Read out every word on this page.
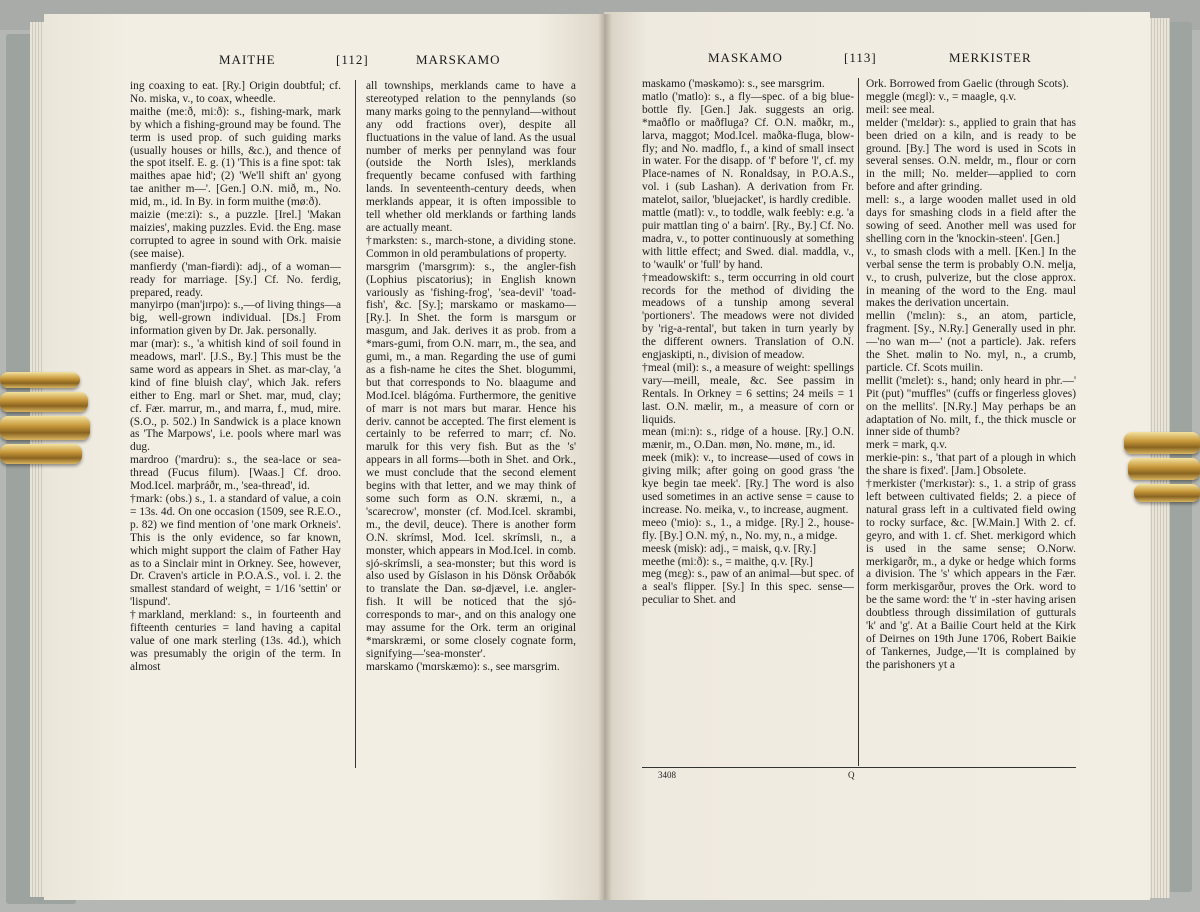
MAITHE	[112]	MARSKAMO

ing coaxing to eat. [Ry.] Origin doubtful; cf. No. miska, v., to coax, wheedle.

maithe (meːð, miːð): s., fishing-mark, mark by which a fishing-ground may be found. The term is used prop. of such guiding marks (usually houses or hills, &c.), and thence of the spot itself. E. g. (1) 'This is a fine spot: tak maithes apae hid'; (2) 'We'll shift an' gyong tae anither m—'. [Gen.] O.N. mið, m., No. mid, m., id. In By. in form muithe (møːð).

maizie (meːzi): s., a puzzle. [Irel.] 'Makan maizies', making puzzles. Evid. the Eng. mase corrupted to agree in sound with Ork. maisie (see maise).

manfierdy ('man-fiərdi): adj., of a woman—ready for marriage. [Sy.] Cf. No. ferdig, prepared, ready.

manyirpo (man'jɪrpo): s.,—of living things—a big, well-grown individual. [Ds.] From information given by Dr. Jak. personally.

mar (mar): s., 'a whitish kind of soil found in meadows, marl'. [J.S., By.] This must be the same word as appears in Shet. as mar-clay, 'a kind of fine bluish clay', which Jak. refers either to Eng. marl or Shet. mar, mud, clay; cf. Fær. marrur, m., and marra, f., mud, mire. (S.O., p. 502.) In Sandwick is a place known as 'The Marpows', i.e. pools where marl was dug.

mardroo ('mardru): s., the sea-lace or sea-thread (Fucus filum). [Waas.] Cf. droo. Mod.Icel. marþráðr, m., 'sea-thread', id.

†mark: (obs.) s., 1. a standard of value, a coin = 13s. 4d. On one occasion (1509, see R.E.O., p. 82) we find mention of 'one mark Orkneis'. This is the only evidence, so far known, which might support the claim of Father Hay as to a Sinclair mint in Orkney. See, however, Dr. Craven's article in P.O.A.S., vol. i. 2. the smallest standard of weight, = 1/16 'settin' or 'lispund'.

†markland, merkland: s., in fourteenth and fifteenth centuries = land having a capital value of one mark sterling (13s. 4d.), which was presumably the origin of the term. In almost

all townships, merklands came to have a stereotyped relation to the pennylands (so many marks going to the pennyland—without any odd fractions over), despite all fluctuations in the value of land. As the usual number of merks per pennyland was four (outside the North Isles), merklands frequently became confused with farthing lands. In seventeenth-century deeds, when merklands appear, it is often impossible to tell whether old merklands or farthing lands are actually meant.

†marksten: s., march-stone, a dividing stone. Common in old perambulations of property.

marsgrim ('marsgrɪm): s., the angler-fish (Lophius piscatorius); in English known variously as 'fishing-frog', 'sea-devil' 'toad-fish', &c. [Sy.]; marskamo or maskamo—[Ry.]. In Shet. the form is marsgum or masgum, and Jak. derives it as prob. from a *mars-gumi, from O.N. marr, m., the sea, and gumi, m., a man. Regarding the use of gumi as a fish-name he cites the Shet. blogummi, but that corresponds to No. blaagume and Mod.Icel. blágóma. Furthermore, the genitive of marr is not mars but marar. Hence his deriv. cannot be accepted. The first element is certainly to be referred to marr; cf. No. marulk for this very fish. But as the 's' appears in all forms—both in Shet. and Ork., we must conclude that the second element begins with that letter, and we may think of some such form as O.N. skræmi, n., a 'scarecrow', monster (cf. Mod.Icel. skrambi, m., the devil, deuce). There is another form O.N. skrímsl, Mod. Icel. skrímsli, n., a monster, which appears in Mod.Icel. in comb. sjó-skrímsli, a sea-monster; but this word is also used by Gíslason in his Dönsk Orðabók to translate the Dan. sø-djævel, i.e. angler-fish. It will be noticed that the sjó- corresponds to mar-, and on this analogy one may assume for the Ork. term an original *marskræmi, or some closely cognate form, signifying—'sea-monster'.

marskamo ('mɑrskæmo): s., see marsgrim.

MASKAMO	[113]	MERKISTER

maskamo ('məskəmo): s., see marsgrim.

matlo ('matlo): s., a fly—spec. of a big blue-bottle fly. [Gen.] Jak. suggests an orig. *maðflo or maðfluga? Cf. O.N. maðkr, m., larva, maggot; Mod.Icel. maðka-fluga, blow-fly; and No. madflo, f., a kind of small insect in water. For the disapp. of 'f' before 'l', cf. my Place-names of N. Ronaldsay, in P.O.A.S., vol. i (sub Lashan). A derivation from Fr. matelot, sailor, 'bluejacket', is hardly credible.

mattle (matl): v., to toddle, walk feebly: e.g. 'a puir mattlan ting o' a bairn'. [Ry., By.] Cf. No. madra, v., to potter continuously at something with little effect; and Swed. dial. maddla, v., to 'waulk' or 'full' by hand.

†meadowskift: s., term occurring in old court records for the method of dividing the meadows of a tunship among several 'portioners'. The meadows were not divided by 'rig-a-rental', but taken in turn yearly by the different owners. Translation of O.N. engjaskipti, n., division of meadow.

†meal (mil): s., a measure of weight: spellings vary—meill, meale, &c. See passim in Rentals. In Orkney = 6 settins; 24 meils = 1 last. O.N. mælir, m., a measure of corn or liquids.

mean (miːn): s., ridge of a house. [Ry.] O.N. mænir, m., O.Dan. møn, No. møne, m., id.

meek (mik): v., to increase—used of cows in giving milk; after going on good grass 'the kye begin tae meek'. [Ry.] The word is also used sometimes in an active sense = cause to increase. No. meika, v., to increase, augment.

meeo ('mio): s., 1., a midge. [Ry.] 2., house-fly. [By.] O.N. mý, n., No. my, n., a midge.

meesk (misk): adj., = maisk, q.v. [Ry.]

meethe (miːð): s., = maithe, q.v. [Ry.]

meg (mɛg): s., paw of an animal—but spec. of a seal's flipper. [Sy.] In this spec. sense—peculiar to Shet. and

Ork. Borrowed from Gaelic (through Scots).

meggle (mɛgl): v., = maagle, q.v.

meil: see meal.

melder ('mɛldər): s., applied to grain that has been dried on a kiln, and is ready to be ground. [By.] The word is used in Scots in several senses. O.N. meldr, m., flour or corn in the mill; No. melder—applied to corn before and after grinding.

mell: s., a large wooden mallet used in old days for smashing clods in a field after the sowing of seed. Another mell was used for shelling corn in the 'knockin-steen'. [Gen.]

v., to smash clods with a mell. [Ken.] In the verbal sense the term is probably O.N. melja, v., to crush, pulverize, but the close approx. in meaning of the word to the Eng. maul makes the derivation uncertain.

mellin ('mɛlɪn): s., an atom, particle, fragment. [Sy., N.Ry.] Generally used in phr.—'no wan m—' (not a particle). Jak. refers the Shet. mølin to No. myl, n., a crumb, particle. Cf. Scots muilin.

mellit ('mɛlet): s., hand; only heard in phr.—' Pit (put) "muffles" (cuffs or fingerless gloves) on the mellits'. [N.Ry.] May perhaps be an adaptation of No. milt, f., the thick muscle or inner side of thumb?

merk = mark, q.v.

merkie-pin: s., 'that part of a plough in which the share is fixed'. [Jam.] Obsolete.

†merkister ('mɛrkɪstər): s., 1. a strip of grass left between cultivated fields; 2. a piece of natural grass left in a cultivated field owing to rocky surface, &c. [W.Main.] With 2. cf. geyro, and with 1. cf. Shet. merkigord which is used in the same sense; O.Norw. merkigarðr, m., a dyke or hedge which forms a division. The 's' which appears in the Fær. form merkisgarður, proves the Ork. word to be the same word: the 't' in -ster having arisen doubtless through dissimilation of gutturals 'k' and 'g'. At a Bailie Court held at the Kirk of Deirnes on 19th June 1706, Robert Baikie of Tankernes, Judge,—'It is complained by the parishoners yt a

3408	Q
